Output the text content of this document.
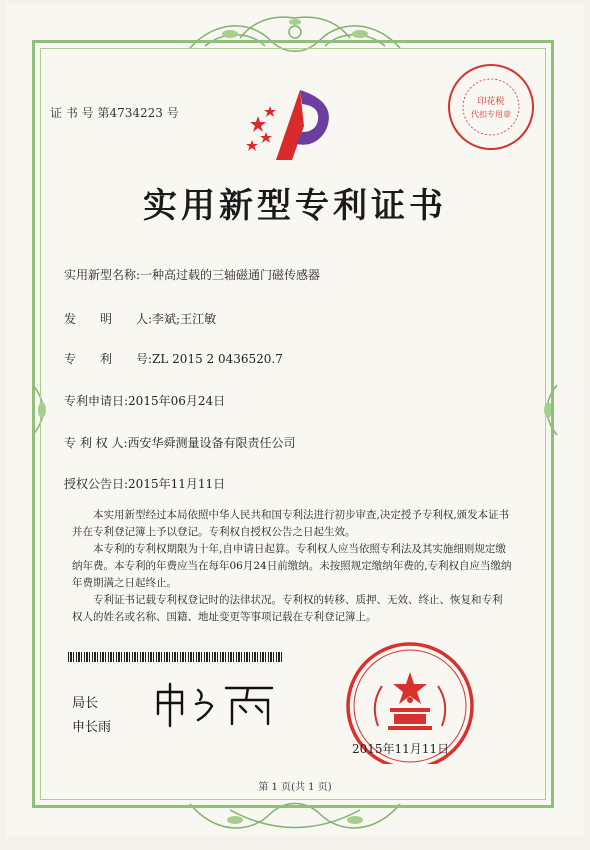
证 书 号 第4734223 号
印花税
代扣专用章
实用新型专利证书
实用新型名称:一种高过载的三轴磁通门磁传感器
发　　明　　人:李斌;王江敏
专　　利　　号:ZL 2015 2 0436520.7
专利申请日:2015年06月24日
专 利 权 人:西安华舜测量设备有限责任公司
授权公告日:2015年11月11日

本实用新型经过本局依照中华人民共和国专利法进行初步审查,决定授予专利权,颁发本证书并在专利登记簿上予以登记。专利权自授权公告之日起生效。

本专利的专利权期限为十年,自申请日起算。专利权人应当依照专利法及其实施细则规定缴纳年费。本专利的年费应当在每年06月24日前缴纳。未按照规定缴纳年费的,专利权自应当缴纳年费期满之日起终止。

专利证书记载专利权登记时的法律状况。专利权的转移、质押、无效、终止、恢复和专利权人的姓名或名称、国籍、地址变更等事项记载在专利登记簿上。

局长
申长雨
2015年11月11日
第 1 页(共 1 页)
